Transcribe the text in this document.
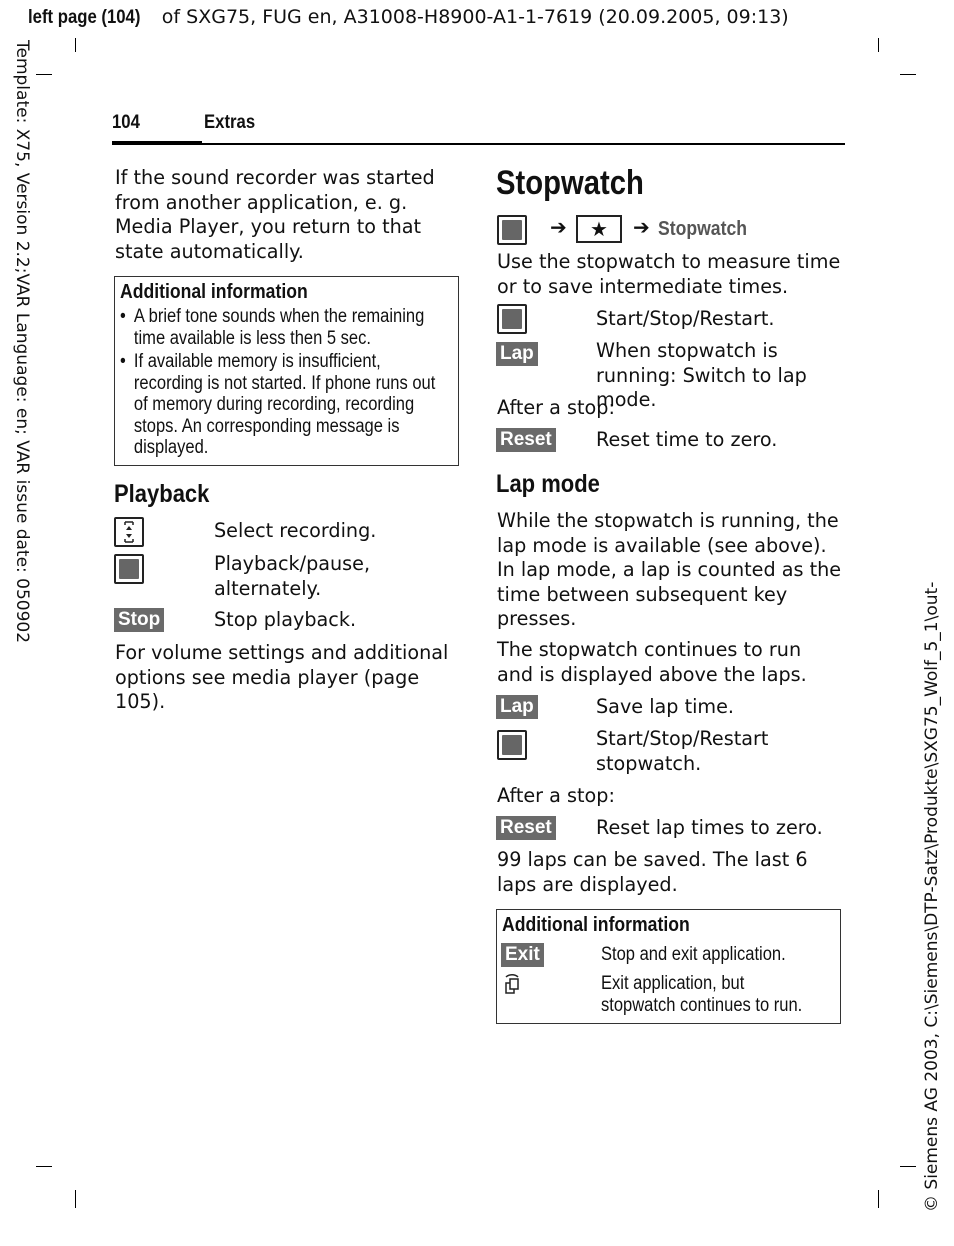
left page (104) of SXG75, FUG en, A31008-H8900-A1-1-7619 (20.09.2005, 09:13)
Template: X75, Version 2.2;VAR Language: en; VAR issue date: 050902
© Siemens AG 2003, C:\Siemens\DTP-Satz\Produkte\SXG75_Wolf_5_1\out-
104	Extras
If the sound recorder was started from another application, e. g. Media Player, you return to that state automatically.
Additional information
• A brief tone sounds when the remaining time available is less then 5 sec.
• If available memory is insufficient, recording is not started. If phone runs out of memory during recording, recording stops. An corresponding message is displayed.
Playback
Select recording.
Playback/pause, alternately.
Stop	Stop playback.
For volume settings and additional options see media player (page 105).
Stopwatch
➔	★	➔ Stopwatch
Use the stopwatch to measure time or to save intermediate times.
Start/Stop/Restart.
Lap	When stopwatch is running: Switch to lap mode.
After a stop:
Reset Reset time to zero.
Lap mode
While the stopwatch is running, the lap mode is available (see above). In lap mode, a lap is counted as the time between subsequent key presses.
The stopwatch continues to run and is displayed above the laps.
Lap	Save lap time.
Start/Stop/Restart stopwatch.
After a stop:
Reset Reset lap times to zero.
99 laps can be saved. The last 6 laps are displayed.
Additional information
Exit	Stop and exit application.
Exit application, but stopwatch continues to run.
